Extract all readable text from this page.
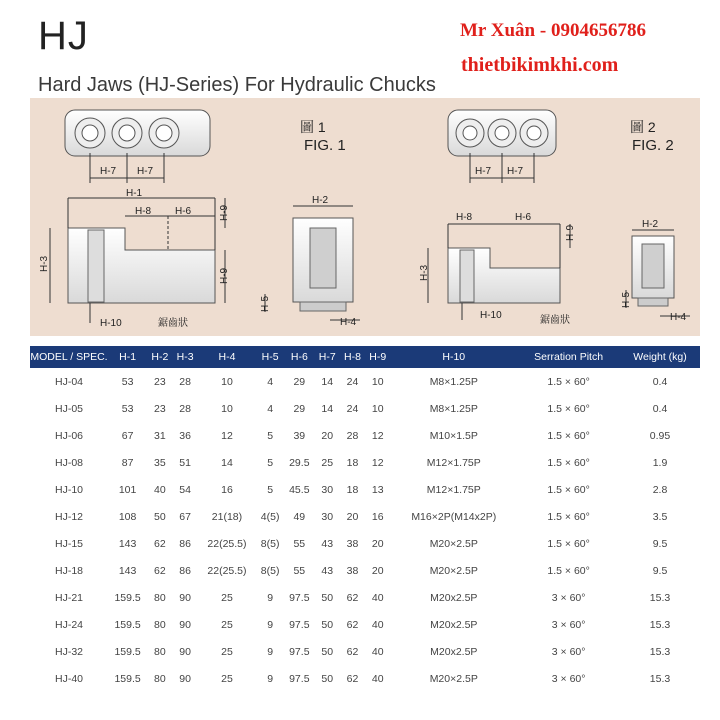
HJ
Hard Jaws (HJ-Series) For Hydraulic Chucks
Mr Xuân - 0904656786
thietbikimkhi.com
H-7 H-7
圖 1
FIG. 1
H-1
H-8 H-6
H-3
H-9
H-9
H-10	鋸齒狀
H-2
H-5
H-4
H-7 H-7
圖 2
FIG. 2
H-8	H-6
H-9
H-3
H-10	鋸齒狀
H-2
H-5
H-4
MODEL / SPEC.	H-1	H-2	H-3	H-4	H-5	H-6	H-7	H-8	H-9	H-10	Serration Pitch	Weight (kg)
HJ-04	53	23	28	10	4	29	14	24	10	M8×1.25P	1.5 × 60°	0.4
HJ-05	53	23	28	10	4	29	14	24	10	M8×1.25P	1.5 × 60°	0.4
HJ-06	67	31	36	12	5	39	20	28	12	M10×1.5P	1.5 × 60°	0.95
HJ-08	87	35	51	14	5	29.5	25	18	12	M12×1.75P	1.5 × 60°	1.9
HJ-10	101	40	54	16	5	45.5	30	18	13	M12×1.75P	1.5 × 60°	2.8
HJ-12	108	50	67	21(18)	4(5)	49	30	20	16	M16×2P(M14x2P)	1.5 × 60°	3.5
HJ-15	143	62	86	22(25.5)	8(5)	55	43	38	20	M20×2.5P	1.5 × 60°	9.5
HJ-18	143	62	86	22(25.5)	8(5)	55	43	38	20	M20×2.5P	1.5 × 60°	9.5
HJ-21	159.5	80	90	25	9	97.5	50	62	40	M20x2.5P	3 × 60°	15.3
HJ-24	159.5	80	90	25	9	97.5	50	62	40	M20x2.5P	3 × 60°	15.3
HJ-32	159.5	80	90	25	9	97.5	50	62	40	M20x2.5P	3 × 60°	15.3
HJ-40	159.5	80	90	25	9	97.5	50	62	40	M20×2.5P	3 × 60°	15.3
